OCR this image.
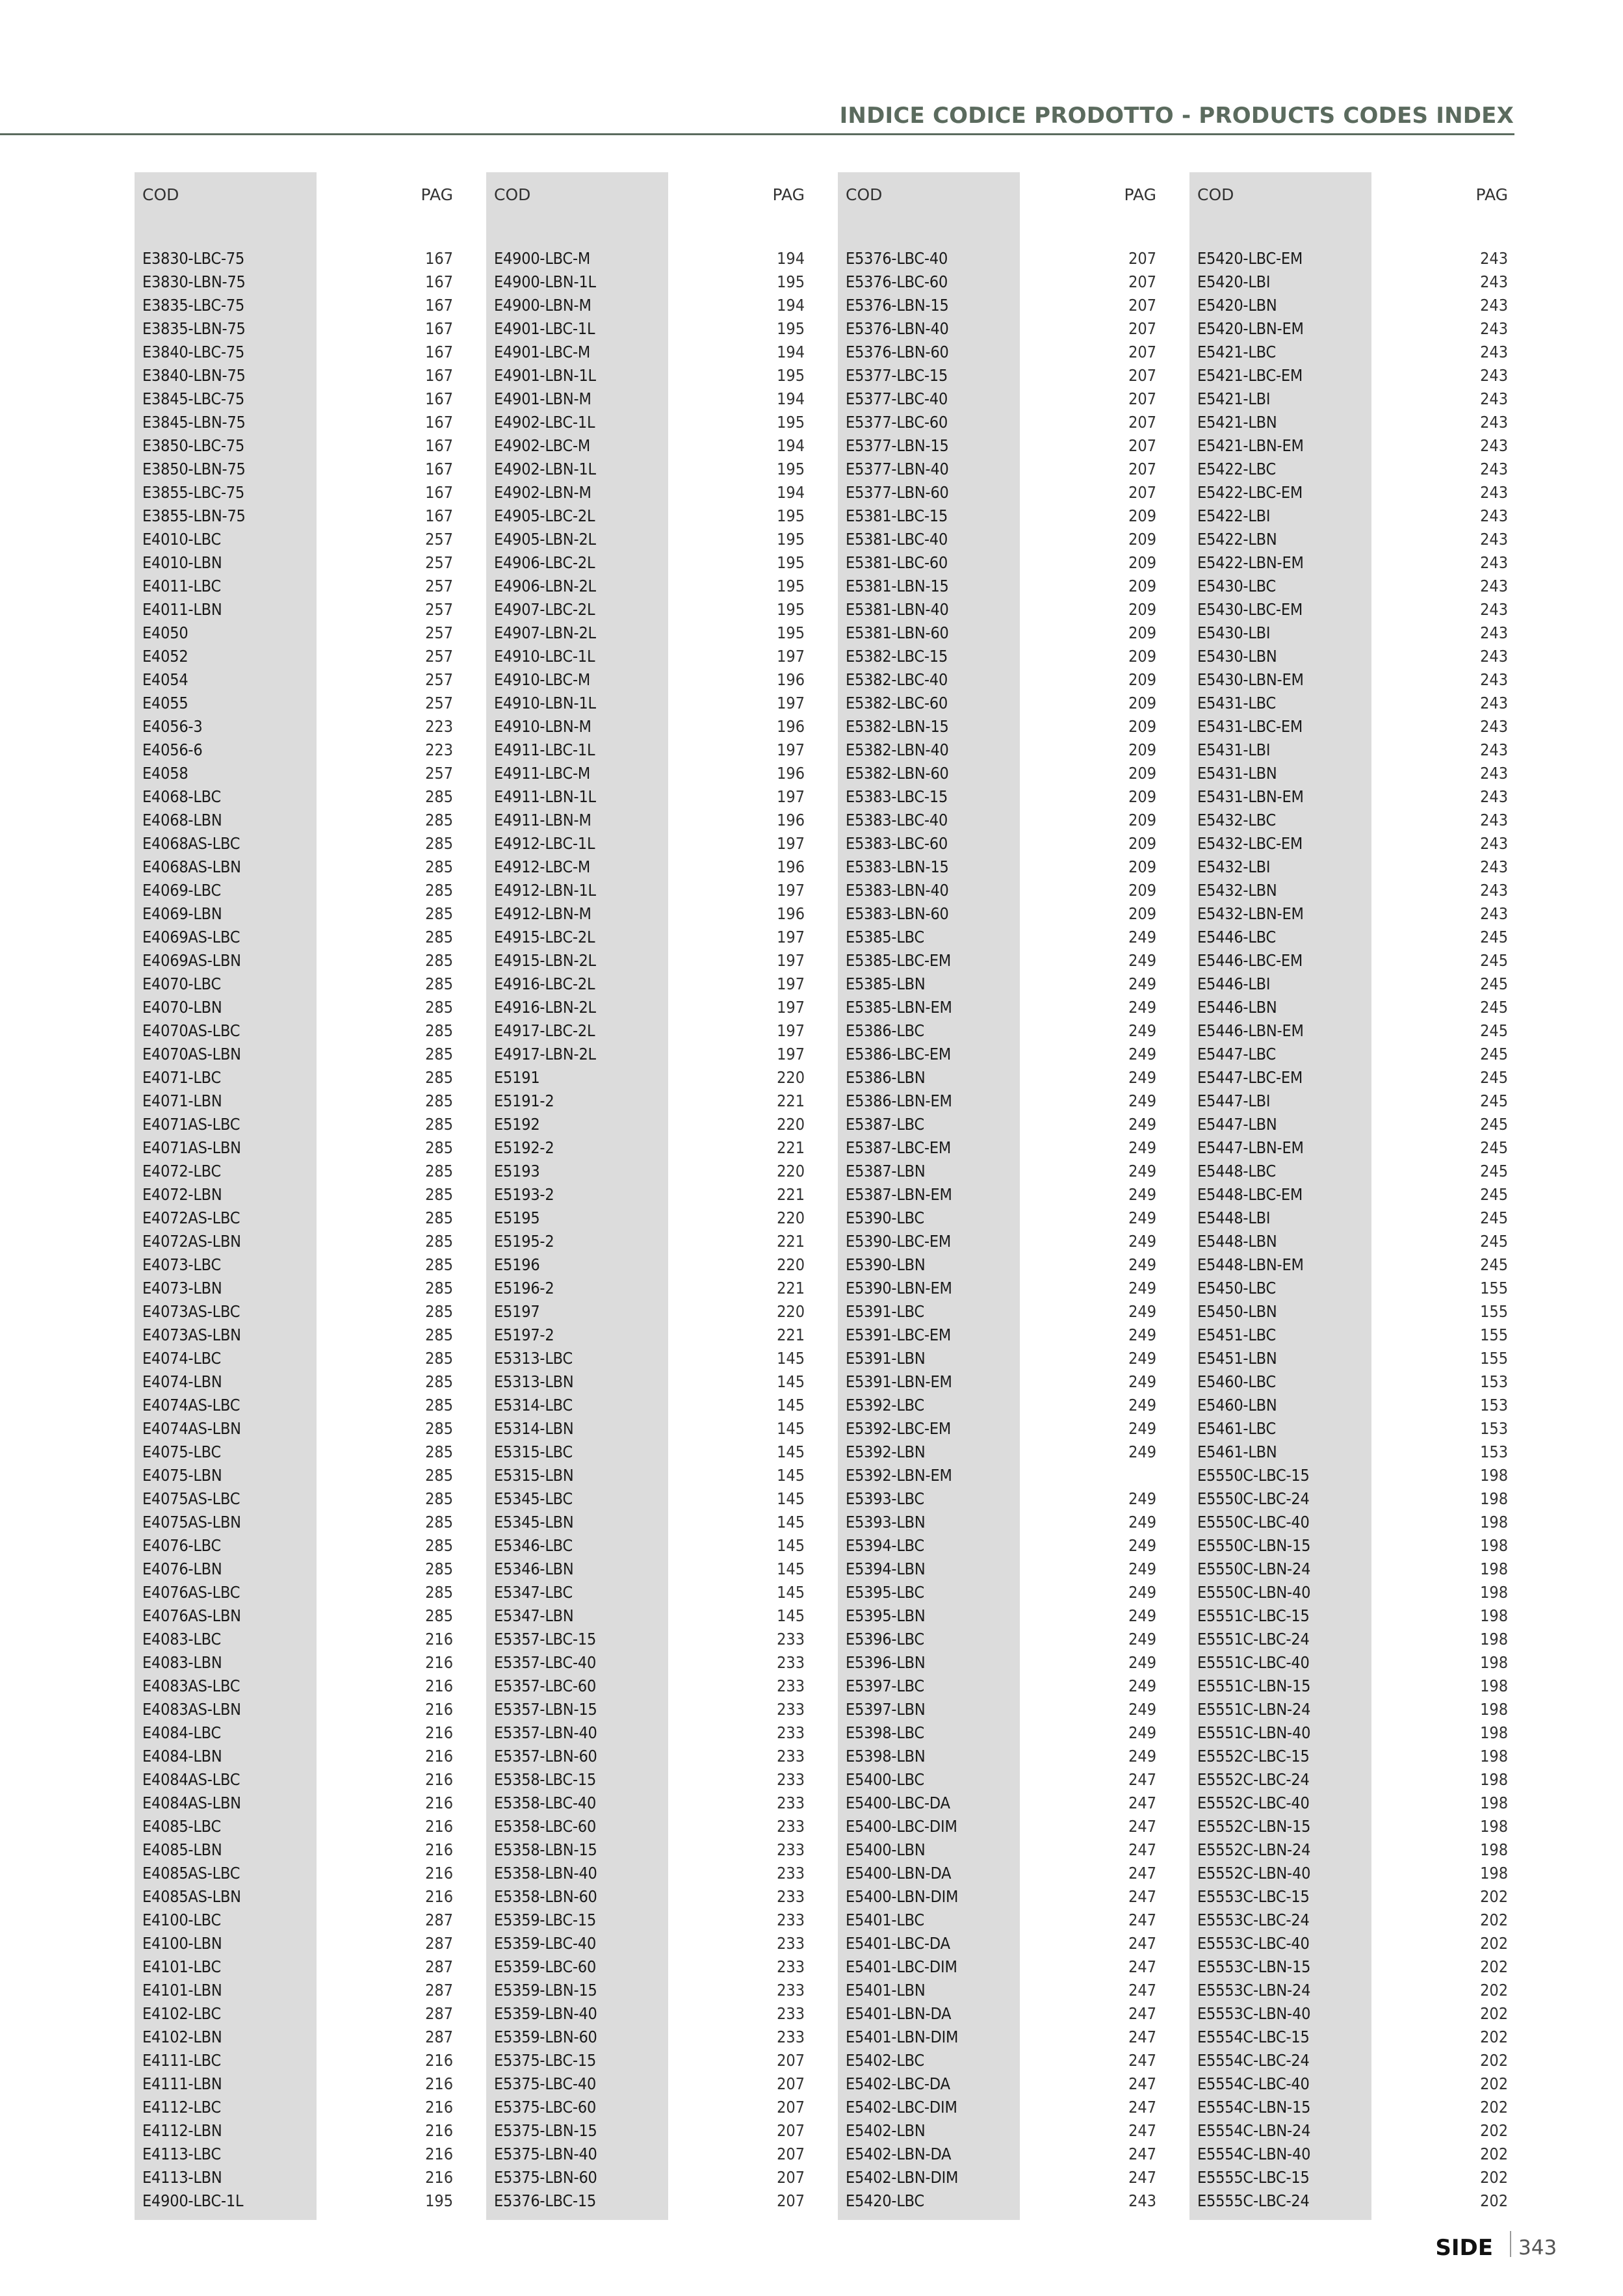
INDICE CODICE PRODOTTO - PRODUCTS CODES INDEX
COD	PAG
E3830-LBC-75	167
E3830-LBN-75	167
E3835-LBC-75	167
E3835-LBN-75	167
E3840-LBC-75	167
E3840-LBN-75	167
E3845-LBC-75	167
E3845-LBN-75	167
E3850-LBC-75	167
E3850-LBN-75	167
E3855-LBC-75	167
E3855-LBN-75	167
E4010-LBC	257
E4010-LBN	257
E4011-LBC	257
E4011-LBN	257
E4050	257
E4052	257
E4054	257
E4055	257
E4056-3	223
E4056-6	223
E4058	257
E4068-LBC	285
E4068-LBN	285
E4068AS-LBC	285
E4068AS-LBN	285
E4069-LBC	285
E4069-LBN	285
E4069AS-LBC	285
E4069AS-LBN	285
E4070-LBC	285
E4070-LBN	285
E4070AS-LBC	285
E4070AS-LBN	285
E4071-LBC	285
E4071-LBN	285
E4071AS-LBC	285
E4071AS-LBN	285
E4072-LBC	285
E4072-LBN	285
E4072AS-LBC	285
E4072AS-LBN	285
E4073-LBC	285
E4073-LBN	285
E4073AS-LBC	285
E4073AS-LBN	285
E4074-LBC	285
E4074-LBN	285
E4074AS-LBC	285
E4074AS-LBN	285
E4075-LBC	285
E4075-LBN	285
E4075AS-LBC	285
E4075AS-LBN	285
E4076-LBC	285
E4076-LBN	285
E4076AS-LBC	285
E4076AS-LBN	285
E4083-LBC	216
E4083-LBN	216
E4083AS-LBC	216
E4083AS-LBN	216
E4084-LBC	216
E4084-LBN	216
E4084AS-LBC	216
E4084AS-LBN	216
E4085-LBC	216
E4085-LBN	216
E4085AS-LBC	216
E4085AS-LBN	216
E4100-LBC	287
E4100-LBN	287
E4101-LBC	287
E4101-LBN	287
E4102-LBC	287
E4102-LBN	287
E4111-LBC	216
E4111-LBN	216
E4112-LBC	216
E4112-LBN	216
E4113-LBC	216
E4113-LBN	216
E4900-LBC-1L	195
COD	PAG
E4900-LBC-M	194
E4900-LBN-1L	195
E4900-LBN-M	194
E4901-LBC-1L	195
E4901-LBC-M	194
E4901-LBN-1L	195
E4901-LBN-M	194
E4902-LBC-1L	195
E4902-LBC-M	194
E4902-LBN-1L	195
E4902-LBN-M	194
E4905-LBC-2L	195
E4905-LBN-2L	195
E4906-LBC-2L	195
E4906-LBN-2L	195
E4907-LBC-2L	195
E4907-LBN-2L	195
E4910-LBC-1L	197
E4910-LBC-M	196
E4910-LBN-1L	197
E4910-LBN-M	196
E4911-LBC-1L	197
E4911-LBC-M	196
E4911-LBN-1L	197
E4911-LBN-M	196
E4912-LBC-1L	197
E4912-LBC-M	196
E4912-LBN-1L	197
E4912-LBN-M	196
E4915-LBC-2L	197
E4915-LBN-2L	197
E4916-LBC-2L	197
E4916-LBN-2L	197
E4917-LBC-2L	197
E4917-LBN-2L	197
E5191	220
E5191-2	221
E5192	220
E5192-2	221
E5193	220
E5193-2	221
E5195	220
E5195-2	221
E5196	220
E5196-2	221
E5197	220
E5197-2	221
E5313-LBC	145
E5313-LBN	145
E5314-LBC	145
E5314-LBN	145
E5315-LBC	145
E5315-LBN	145
E5345-LBC	145
E5345-LBN	145
E5346-LBC	145
E5346-LBN	145
E5347-LBC	145
E5347-LBN	145
E5357-LBC-15	233
E5357-LBC-40	233
E5357-LBC-60	233
E5357-LBN-15	233
E5357-LBN-40	233
E5357-LBN-60	233
E5358-LBC-15	233
E5358-LBC-40	233
E5358-LBC-60	233
E5358-LBN-15	233
E5358-LBN-40	233
E5358-LBN-60	233
E5359-LBC-15	233
E5359-LBC-40	233
E5359-LBC-60	233
E5359-LBN-15	233
E5359-LBN-40	233
E5359-LBN-60	233
E5375-LBC-15	207
E5375-LBC-40	207
E5375-LBC-60	207
E5375-LBN-15	207
E5375-LBN-40	207
E5375-LBN-60	207
E5376-LBC-15	207
COD	PAG
E5376-LBC-40	207
E5376-LBC-60	207
E5376-LBN-15	207
E5376-LBN-40	207
E5376-LBN-60	207
E5377-LBC-15	207
E5377-LBC-40	207
E5377-LBC-60	207
E5377-LBN-15	207
E5377-LBN-40	207
E5377-LBN-60	207
E5381-LBC-15	209
E5381-LBC-40	209
E5381-LBC-60	209
E5381-LBN-15	209
E5381-LBN-40	209
E5381-LBN-60	209
E5382-LBC-15	209
E5382-LBC-40	209
E5382-LBC-60	209
E5382-LBN-15	209
E5382-LBN-40	209
E5382-LBN-60	209
E5383-LBC-15	209
E5383-LBC-40	209
E5383-LBC-60	209
E5383-LBN-15	209
E5383-LBN-40	209
E5383-LBN-60	209
E5385-LBC	249
E5385-LBC-EM	249
E5385-LBN	249
E5385-LBN-EM	249
E5386-LBC	249
E5386-LBC-EM	249
E5386-LBN	249
E5386-LBN-EM	249
E5387-LBC	249
E5387-LBC-EM	249
E5387-LBN	249
E5387-LBN-EM	249
E5390-LBC	249
E5390-LBC-EM	249
E5390-LBN	249
E5390-LBN-EM	249
E5391-LBC	249
E5391-LBC-EM	249
E5391-LBN	249
E5391-LBN-EM	249
E5392-LBC	249
E5392-LBC-EM	249
E5392-LBN	249
E5392-LBN-EM
E5393-LBC	249
E5393-LBN	249
E5394-LBC	249
E5394-LBN	249
E5395-LBC	249
E5395-LBN	249
E5396-LBC	249
E5396-LBN	249
E5397-LBC	249
E5397-LBN	249
E5398-LBC	249
E5398-LBN	249
E5400-LBC	247
E5400-LBC-DA	247
E5400-LBC-DIM	247
E5400-LBN	247
E5400-LBN-DA	247
E5400-LBN-DIM	247
E5401-LBC	247
E5401-LBC-DA	247
E5401-LBC-DIM	247
E5401-LBN	247
E5401-LBN-DA	247
E5401-LBN-DIM	247
E5402-LBC	247
E5402-LBC-DA	247
E5402-LBC-DIM	247
E5402-LBN	247
E5402-LBN-DA	247
E5402-LBN-DIM	247
E5420-LBC	243
COD	PAG
E5420-LBC-EM	243
E5420-LBI	243
E5420-LBN	243
E5420-LBN-EM	243
E5421-LBC	243
E5421-LBC-EM	243
E5421-LBI	243
E5421-LBN	243
E5421-LBN-EM	243
E5422-LBC	243
E5422-LBC-EM	243
E5422-LBI	243
E5422-LBN	243
E5422-LBN-EM	243
E5430-LBC	243
E5430-LBC-EM	243
E5430-LBI	243
E5430-LBN	243
E5430-LBN-EM	243
E5431-LBC	243
E5431-LBC-EM	243
E5431-LBI	243
E5431-LBN	243
E5431-LBN-EM	243
E5432-LBC	243
E5432-LBC-EM	243
E5432-LBI	243
E5432-LBN	243
E5432-LBN-EM	243
E5446-LBC	245
E5446-LBC-EM	245
E5446-LBI	245
E5446-LBN	245
E5446-LBN-EM	245
E5447-LBC	245
E5447-LBC-EM	245
E5447-LBI	245
E5447-LBN	245
E5447-LBN-EM	245
E5448-LBC	245
E5448-LBC-EM	245
E5448-LBI	245
E5448-LBN	245
E5448-LBN-EM	245
E5450-LBC	155
E5450-LBN	155
E5451-LBC	155
E5451-LBN	155
E5460-LBC	153
E5460-LBN	153
E5461-LBC	153
E5461-LBN	153
E5550C-LBC-15	198
E5550C-LBC-24	198
E5550C-LBC-40	198
E5550C-LBN-15	198
E5550C-LBN-24	198
E5550C-LBN-40	198
E5551C-LBC-15	198
E5551C-LBC-24	198
E5551C-LBC-40	198
E5551C-LBN-15	198
E5551C-LBN-24	198
E5551C-LBN-40	198
E5552C-LBC-15	198
E5552C-LBC-24	198
E5552C-LBC-40	198
E5552C-LBN-15	198
E5552C-LBN-24	198
E5552C-LBN-40	198
E5553C-LBC-15	202
E5553C-LBC-24	202
E5553C-LBC-40	202
E5553C-LBN-15	202
E5553C-LBN-24	202
E5553C-LBN-40	202
E5554C-LBC-15	202
E5554C-LBC-24	202
E5554C-LBC-40	202
E5554C-LBN-15	202
E5554C-LBN-24	202
E5554C-LBN-40	202
E5555C-LBC-15	202
E5555C-LBC-24	202
SIDE 343
